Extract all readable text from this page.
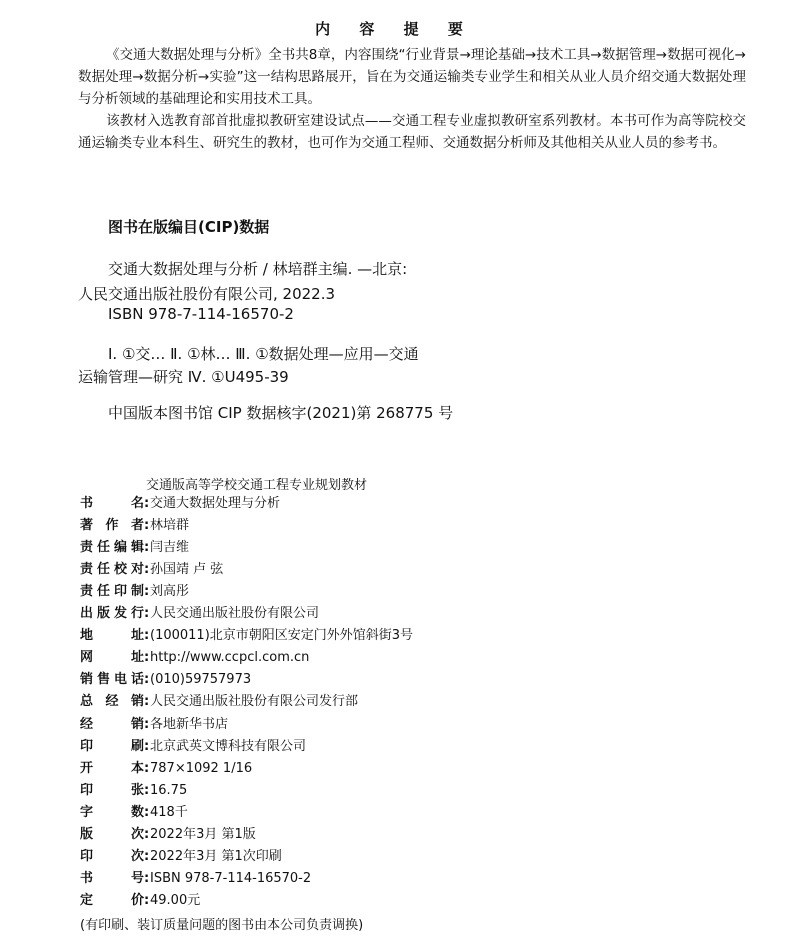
内 容 提 要

《交通大数据处理与分析》全书共8章，内容围绕“行业背景→理论基础→技术工具→数据管理→数据可视化→数据处理→数据分析→实验”这一结构思路展开，旨在为交通运输类专业学生和相关从业人员介绍交通大数据处理与分析领域的基础理论和实用技术工具。

该教材入选教育部首批虚拟教研室建设试点——交通工程专业虚拟教研室系列教材。本书可作为高等院校交通运输类专业本科生、研究生的教材，也可作为交通工程师、交通数据分析师及其他相关从业人员的参考书。

图书在版编目(CIP)数据
交通大数据处理与分析 / 林培群主编. —北京:
人民交通出版社股份有限公司, 2022.3
ISBN 978-7-114-16570-2
Ⅰ. ①交… Ⅱ. ①林… Ⅲ. ①数据处理—应用—交通
运输管理—研究 Ⅳ. ①U495-39
中国版本图书馆 CIP 数据核字(2021)第 268775 号
交通版高等学校交通工程专业规划教材
书名:交通大数据处理与分析
著作者:林培群
责任编辑:闫吉维
责任校对:孙国靖 卢 弦
责任印制:刘高彤
出版发行:人民交通出版社股份有限公司
地址:(100011)北京市朝阳区安定门外外馆斜街3号
网址:http://www.ccpcl.com.cn
销售电话:(010)59757973
总经销:人民交通出版社股份有限公司发行部
经销:各地新华书店
印刷:北京武英文博科技有限公司
开本:787×1092 1/16
印张:16.75
字数:418千
版次:2022年3月 第1版
印次:2022年3月 第1次印刷
书号:ISBN 978-7-114-16570-2
定价:49.00元
(有印刷、装订质量问题的图书由本公司负责调换)
